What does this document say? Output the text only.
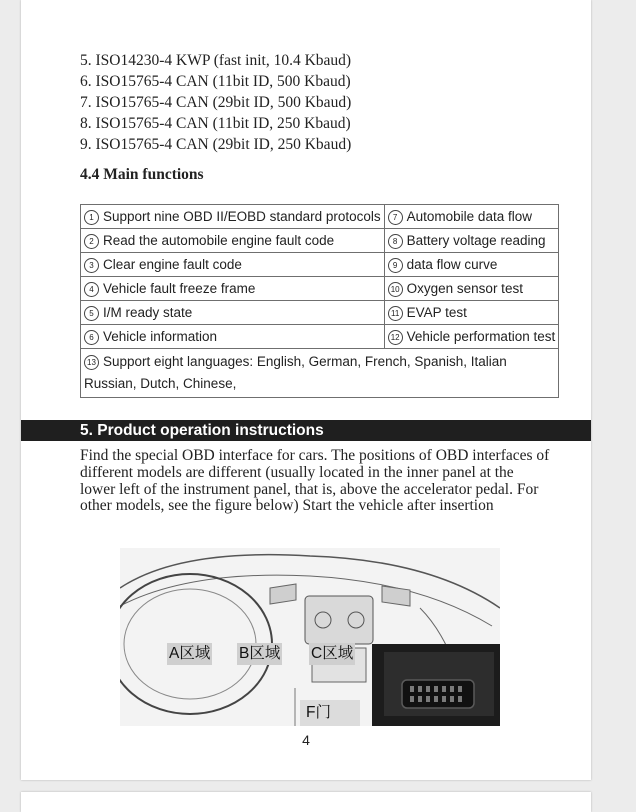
5. ISO14230-4 KWP (fast init, 10.4 Kbaud)
6. ISO15765-4 CAN (11bit ID, 500 Kbaud)
7. ISO15765-4 CAN (29bit ID, 500 Kbaud)
8. ISO15765-4 CAN (11bit ID, 250 Kbaud)
9. ISO15765-4 CAN (29bit ID, 250 Kbaud)
4.4 Main functions
1 Support nine OBD II/EOBD standard protocols	7 Automobile data flow
2 Read the automobile engine fault code	8 Battery voltage reading
3 Clear engine fault code	9 data flow curve
4 Vehicle fault freeze frame	10 Oxygen sensor test
5 I/M ready state	11 EVAP test
6 Vehicle information	12 Vehicle performation test
13 Support eight languages: English, German, French, Spanish, Italian Russian, Dutch, Chinese,	
5. Product operation instructions

Find the special OBD interface for cars. The positions of OBD interfaces of different models are different (usually located in the inner panel at the lower left of the instrument panel, that is, above the accelerator pedal. For other models, see the figure below) Start the vehicle after insertion

A区域 B区域 C区域
F门
4
